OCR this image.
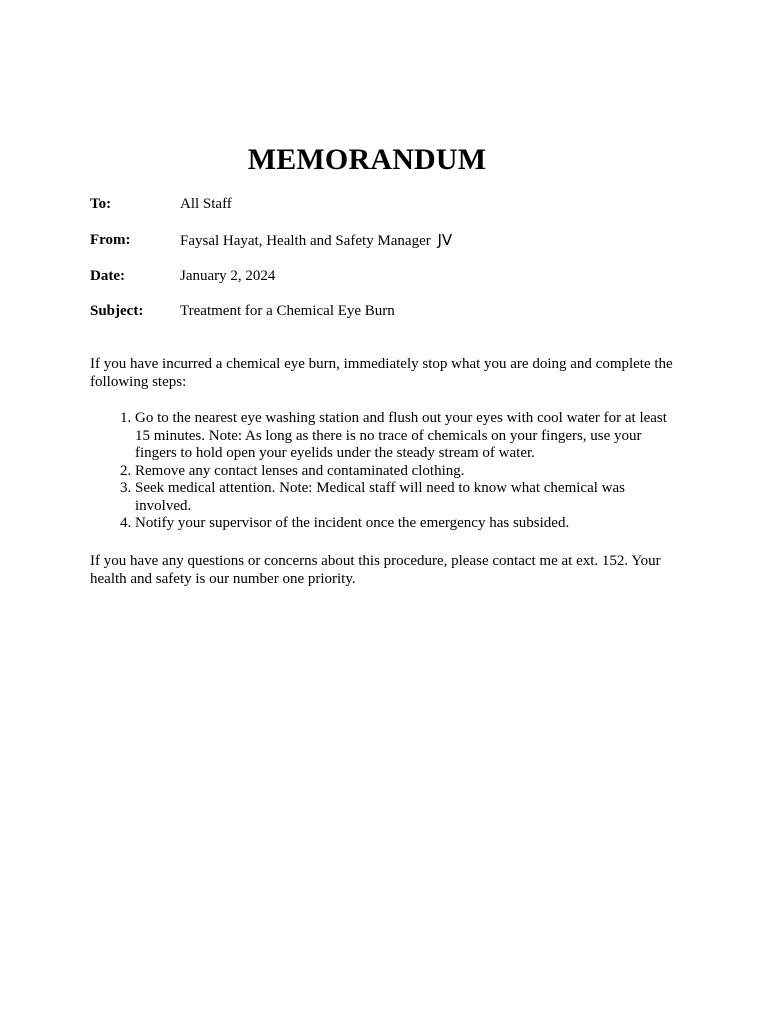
MEMORANDUM
To:	All Staff
From:	Faysal Hayat, Health and Safety Manager JV
Date:	January 2, 2024
Subject: Treatment for a Chemical Eye Burn

If you have incurred a chemical eye burn, immediately stop what you are doing and complete the following steps:

1. Go to the nearest eye washing station and flush out your eyes with cool water for at least 15 minutes. Note: As long as there is no trace of chemicals on your fingers, use your fingers to hold open your eyelids under the steady stream of water.
2. Remove any contact lenses and contaminated clothing.
3. Seek medical attention. Note: Medical staff will need to know what chemical was involved.
4. Notify your supervisor of the incident once the emergency has subsided.

If you have any questions or concerns about this procedure, please contact me at ext. 152. Your health and safety is our number one priority.
